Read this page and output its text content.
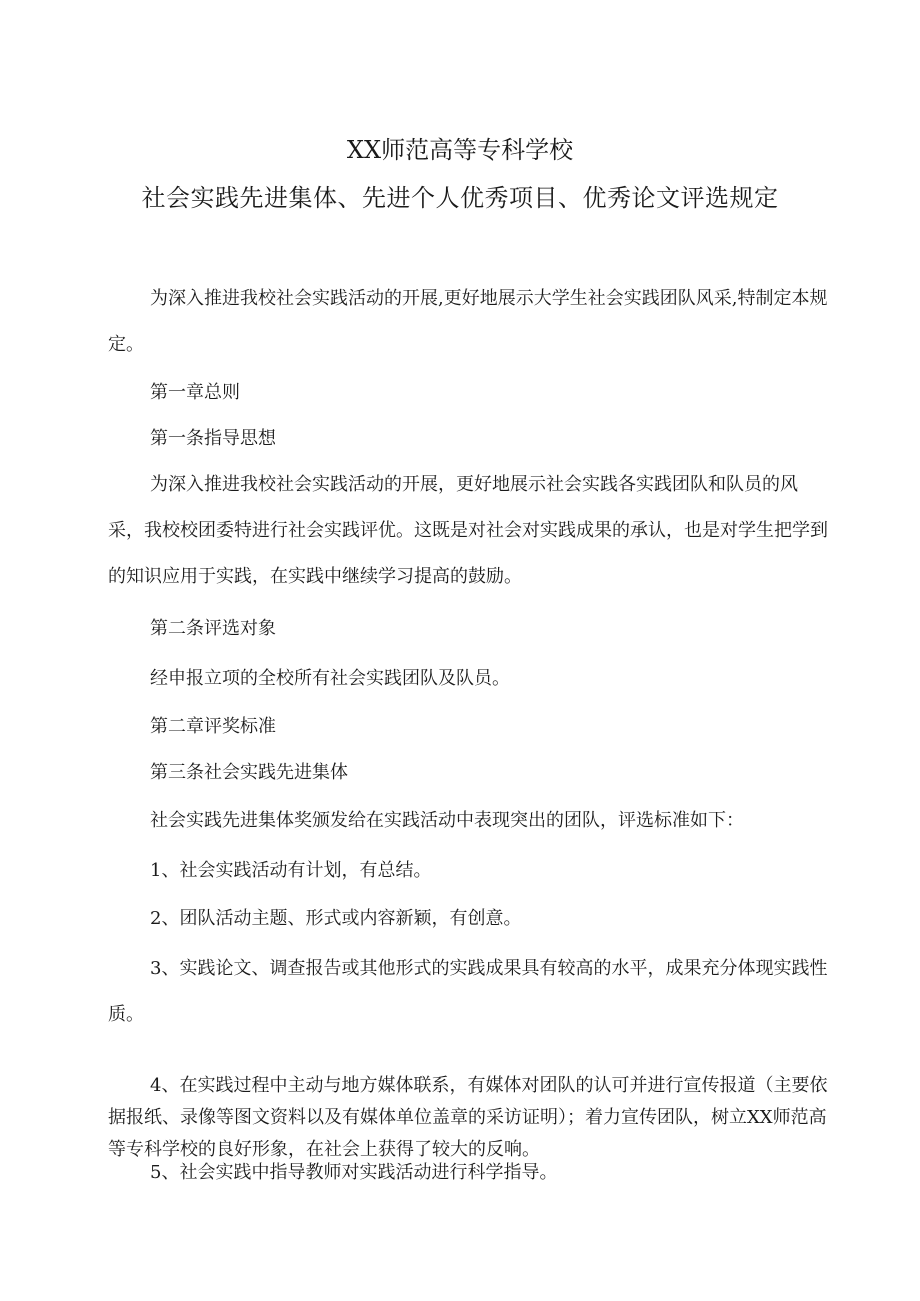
XX师范高等专科学校
社会实践先进集体、先进个人优秀项目、优秀论文评选规定

为深入推进我校社会实践活动的开展,更好地展示大学生社会实践团队风采,特制定本规定。

第一章总则

第一条指导思想

为深入推进我校社会实践活动的开展，更好地展示社会实践各实践团队和队员的风采，我校校团委特进行社会实践评优。这既是对社会对实践成果的承认，也是对学生把学到的知识应用于实践，在实践中继续学习提高的鼓励。

第二条评选对象

经申报立项的全校所有社会实践团队及队员。

第二章评奖标准

第三条社会实践先进集体

社会实践先进集体奖颁发给在实践活动中表现突出的团队，评选标准如下：

1、社会实践活动有计划，有总结。

2、团队活动主题、形式或内容新颖，有创意。

3、实践论文、调查报告或其他形式的实践成果具有较高的水平，成果充分体现实践性质。

4、在实践过程中主动与地方媒体联系，有媒体对团队的认可并进行宣传报道（主要依据报纸、录像等图文资料以及有媒体单位盖章的采访证明）；着力宣传团队，树立XX师范高等专科学校的良好形象，在社会上获得了较大的反响。

5、社会实践中指导教师对实践活动进行科学指导。
